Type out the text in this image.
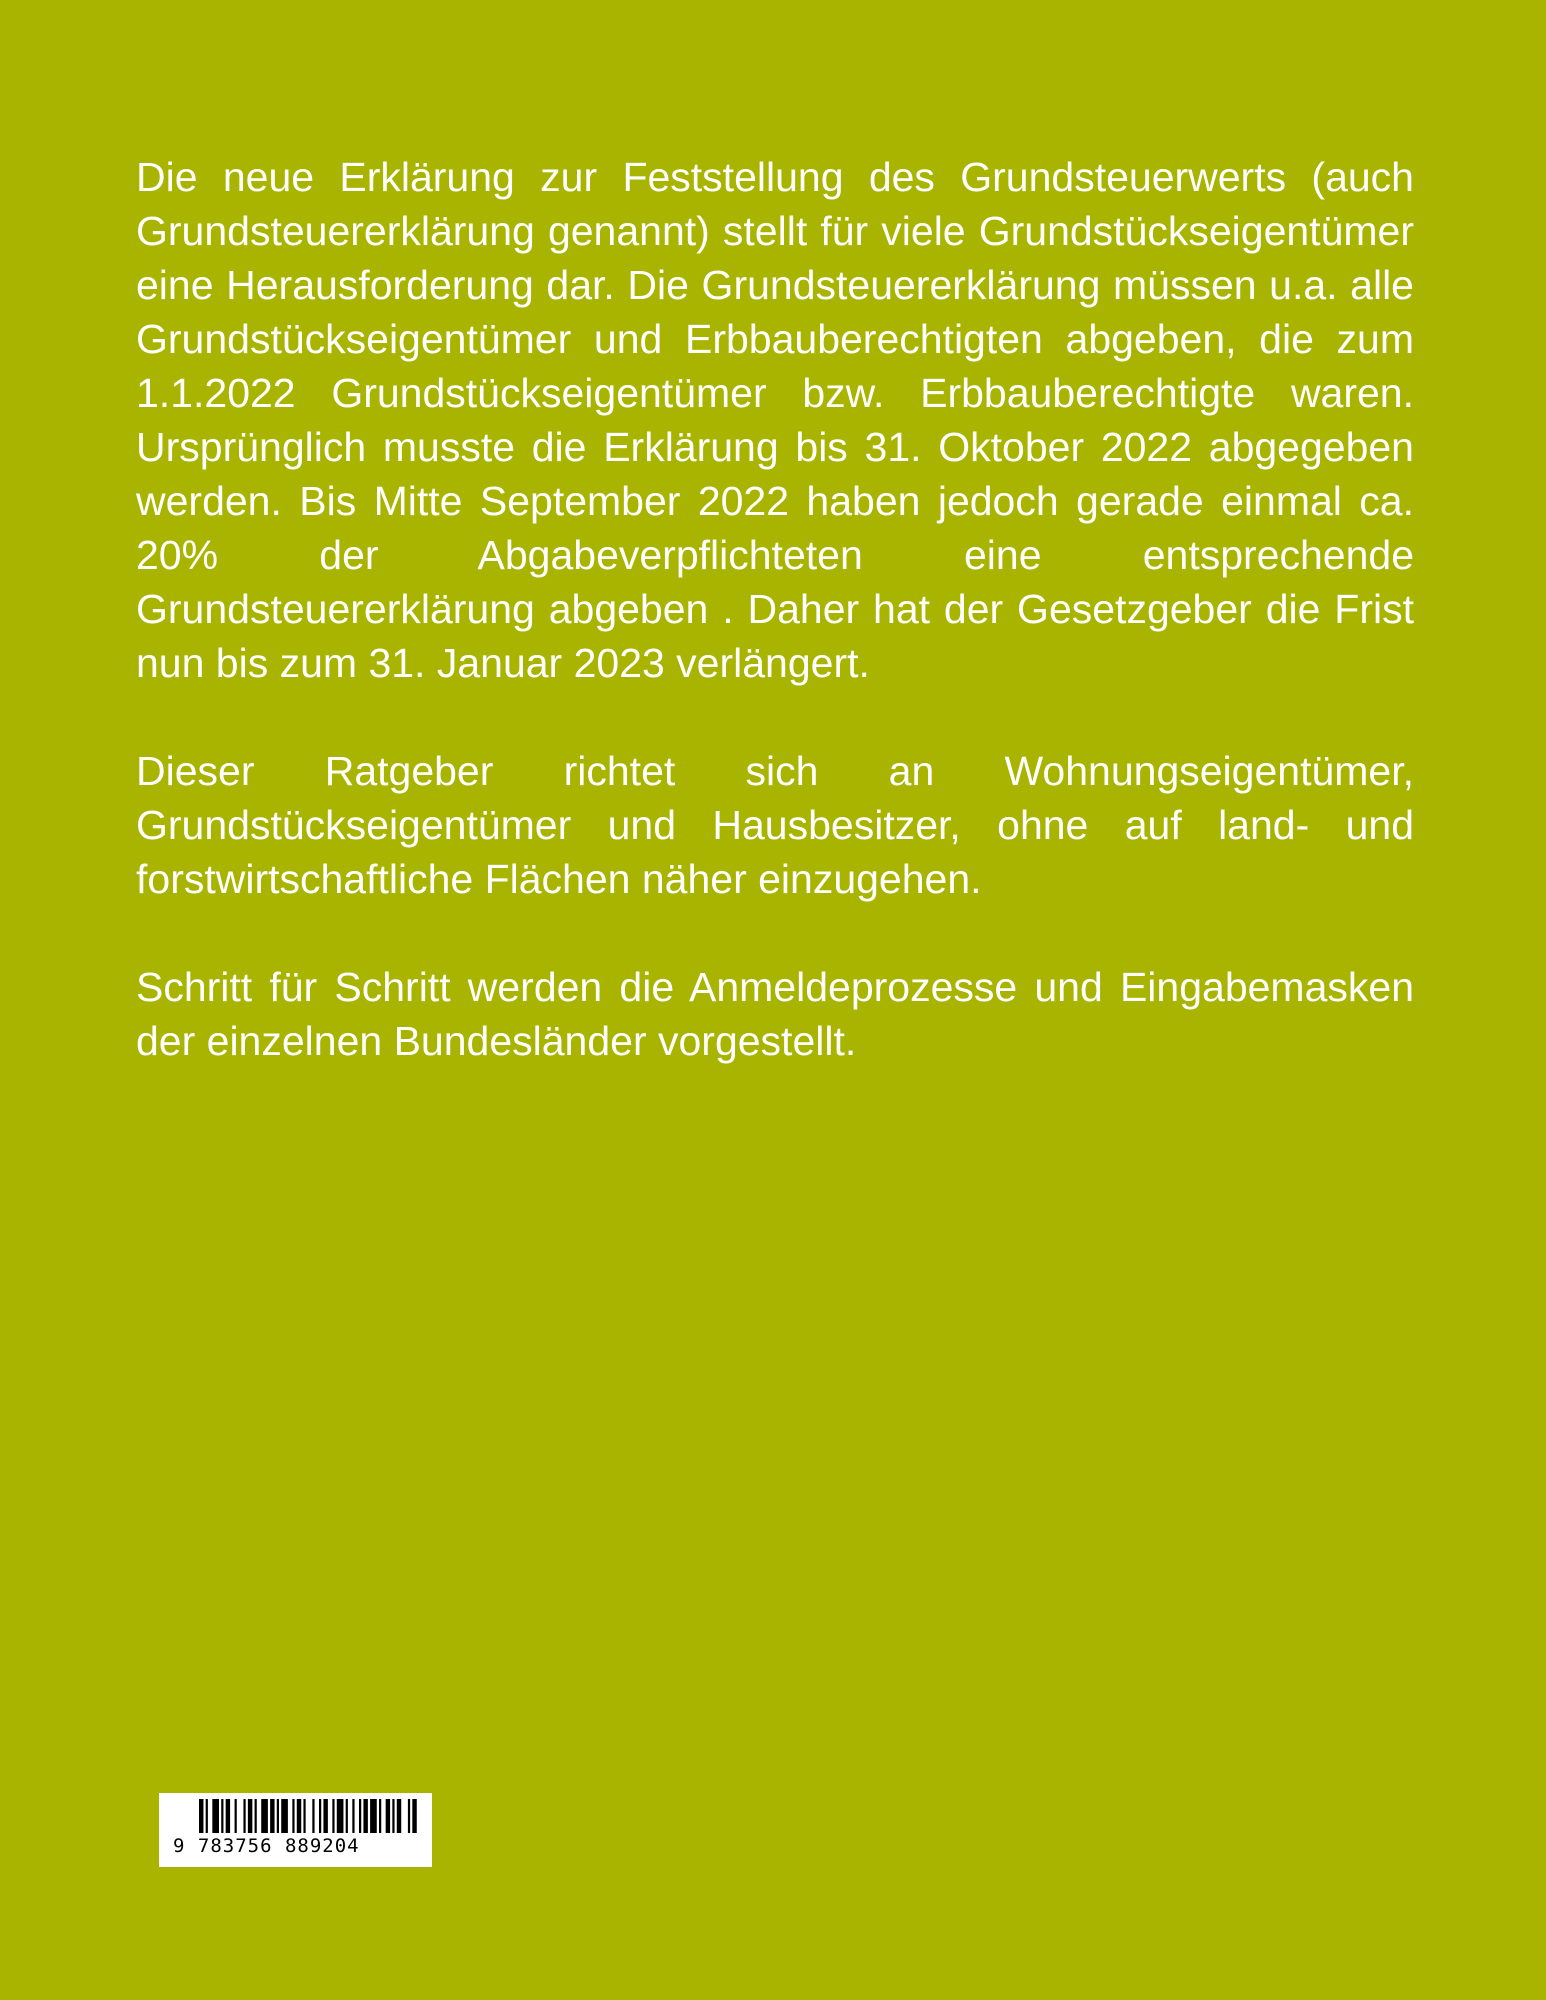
Die neue Erklärung zur Feststellung des Grundsteuerwerts (auch Grundsteuererklärung genannt) stellt für viele Grundstückseigentümer eine Herausforderung dar. Die Grundsteuererklärung müssen u.a. alle Grundstückseigentümer und Erbbauberechtigten abgeben, die zum 1.1.2022 Grundstückseigentümer bzw. Erbbauberechtigte waren. Ursprünglich musste die Erklärung bis 31. Oktober 2022 abgegeben werden. Bis Mitte September 2022 haben jedoch gerade einmal ca. 20% der Abgabeverpflichteten eine entsprechende Grundsteuererklärung abgeben . Daher hat der Gesetzgeber die Frist nun bis zum 31. Januar 2023 verlängert.

Dieser Ratgeber richtet sich an Wohnungseigentümer, Grundstückseigentümer und Hausbesitzer, ohne auf land- und forstwirtschaftliche Flächen näher einzugehen.

Schritt für Schritt werden die Anmeldeprozesse und Eingabemasken der einzelnen Bundesländer vorgestellt.

9 783756 889204
